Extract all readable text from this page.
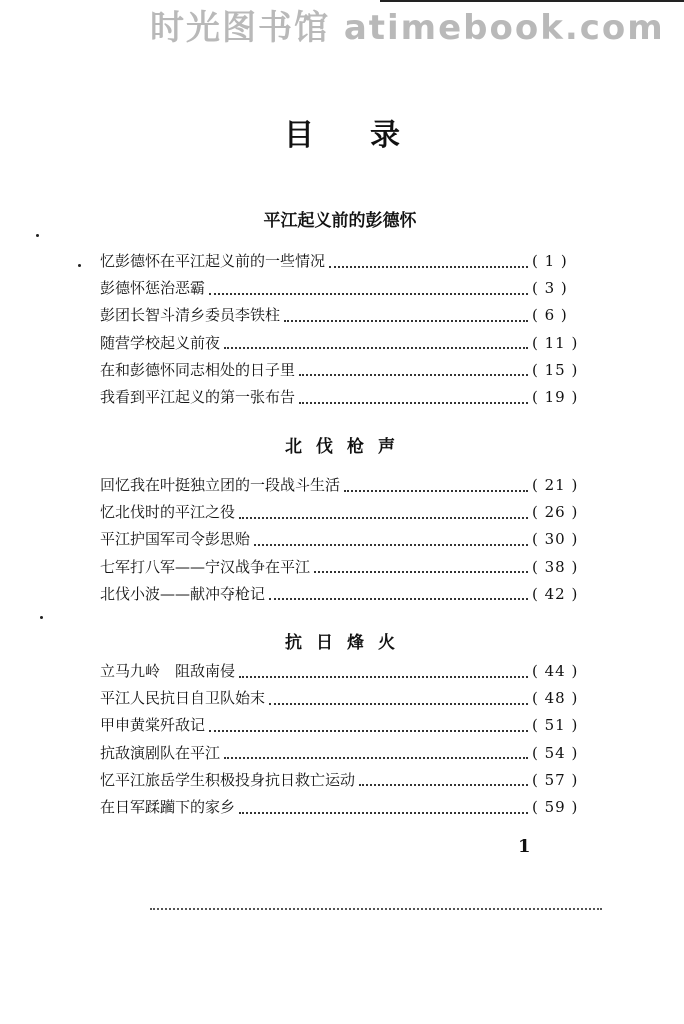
时光图书馆 atimebook.com
目录
平江起义前的彭德怀
忆彭德怀在平江起义前的一些情况	( 1 )
彭德怀惩治恶霸	( 3 )
彭团长智斗清乡委员李铁柱	( 6 )
随营学校起义前夜	( 11 )
在和彭德怀同志相处的日子里	( 15 )
我看到平江起义的第一张布告	( 19 )
北伐枪声
回忆我在叶挺独立团的一段战斗生活	( 21 )
忆北伐时的平江之役	( 26 )
平江护国军司令彭思贻	( 30 )
七军打八军——宁汉战争在平江	( 38 )
北伐小波——献冲夺枪记	( 42 )
抗日烽火
立马九岭　阻敌南侵	( 44 )
平江人民抗日自卫队始末	( 48 )
甲申黄棠歼敌记	( 51 )
抗敌演剧队在平江	( 54 )
忆平江旅岳学生积极投身抗日救亡运动	( 57 )
在日军蹂躏下的家乡	( 59 )
1
